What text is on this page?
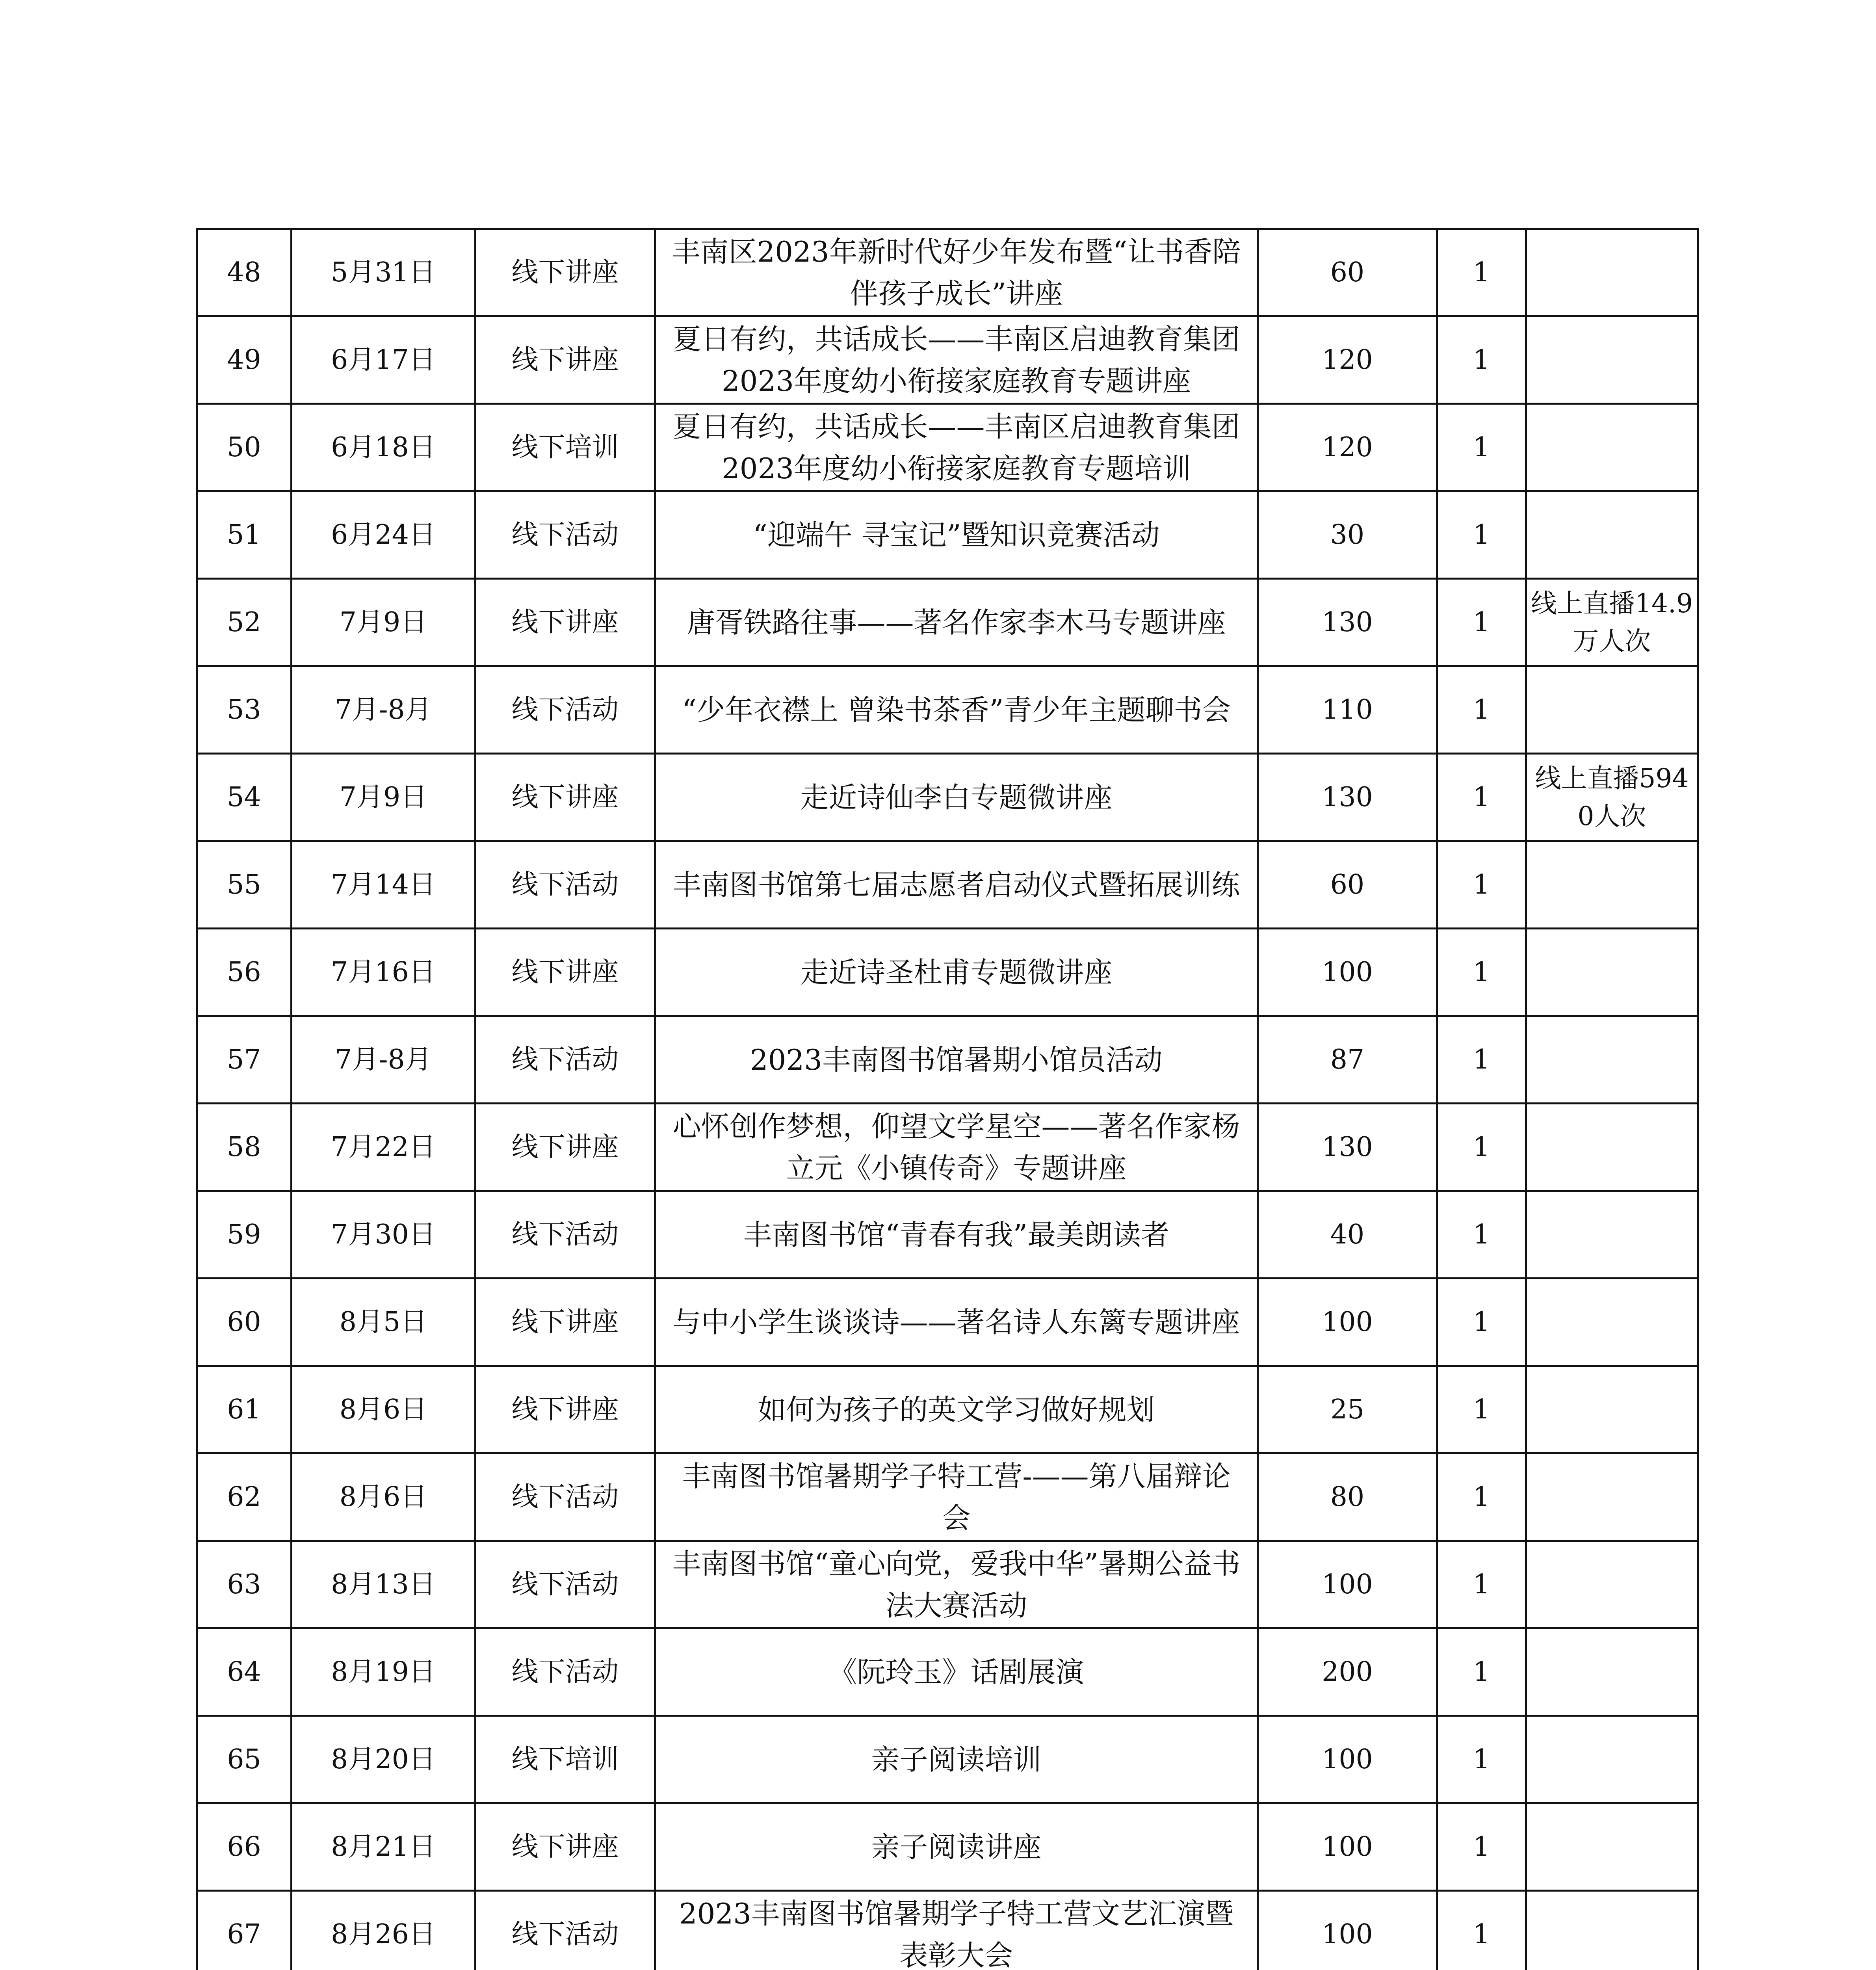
48	5月31日	线下讲座	丰南区2023年新时代好少年发布暨“让书香陪伴孩子成长”讲座	60	1	
49	6月17日	线下讲座	夏日有约，共话成长——丰南区启迪教育集团2023年度幼小衔接家庭教育专题讲座	120	1	
50	6月18日	线下培训	夏日有约，共话成长——丰南区启迪教育集团2023年度幼小衔接家庭教育专题培训	120	1	
51	6月24日	线下活动	“迎端午 寻宝记”暨知识竞赛活动	30	1	
52	7月9日	线下讲座	唐胥铁路往事——著名作家李木马专题讲座	130	1	线上直播14.9万人次
53	7月-8月	线下活动	“少年衣襟上 曾染书茶香”青少年主题聊书会	110	1	
54	7月9日	线下讲座	走近诗仙李白专题微讲座	130	1	线上直播5940人次
55	7月14日	线下活动	丰南图书馆第七届志愿者启动仪式暨拓展训练	60	1	
56	7月16日	线下讲座	走近诗圣杜甫专题微讲座	100	1	
57	7月-8月	线下活动	2023丰南图书馆暑期小馆员活动	87	1	
58	7月22日	线下讲座	心怀创作梦想，仰望文学星空——著名作家杨立元《小镇传奇》专题讲座	130	1	
59	7月30日	线下活动	丰南图书馆“青春有我”最美朗读者	40	1	
60	8月5日	线下讲座	与中小学生谈谈诗——著名诗人东篱专题讲座	100	1	
61	8月6日	线下讲座	如何为孩子的英文学习做好规划	25	1	
62	8月6日	线下活动	丰南图书馆暑期学子特工营-——第八届辩论会	80	1	
63	8月13日	线下活动	丰南图书馆“童心向党，爱我中华”暑期公益书法大赛活动	100	1	
64	8月19日	线下活动	《阮玲玉》话剧展演	200	1	
65	8月20日	线下培训	亲子阅读培训	100	1	
66	8月21日	线下讲座	亲子阅读讲座	100	1	
67	8月26日	线下活动	2023丰南图书馆暑期学子特工营文艺汇演暨表彰大会	100	1	
